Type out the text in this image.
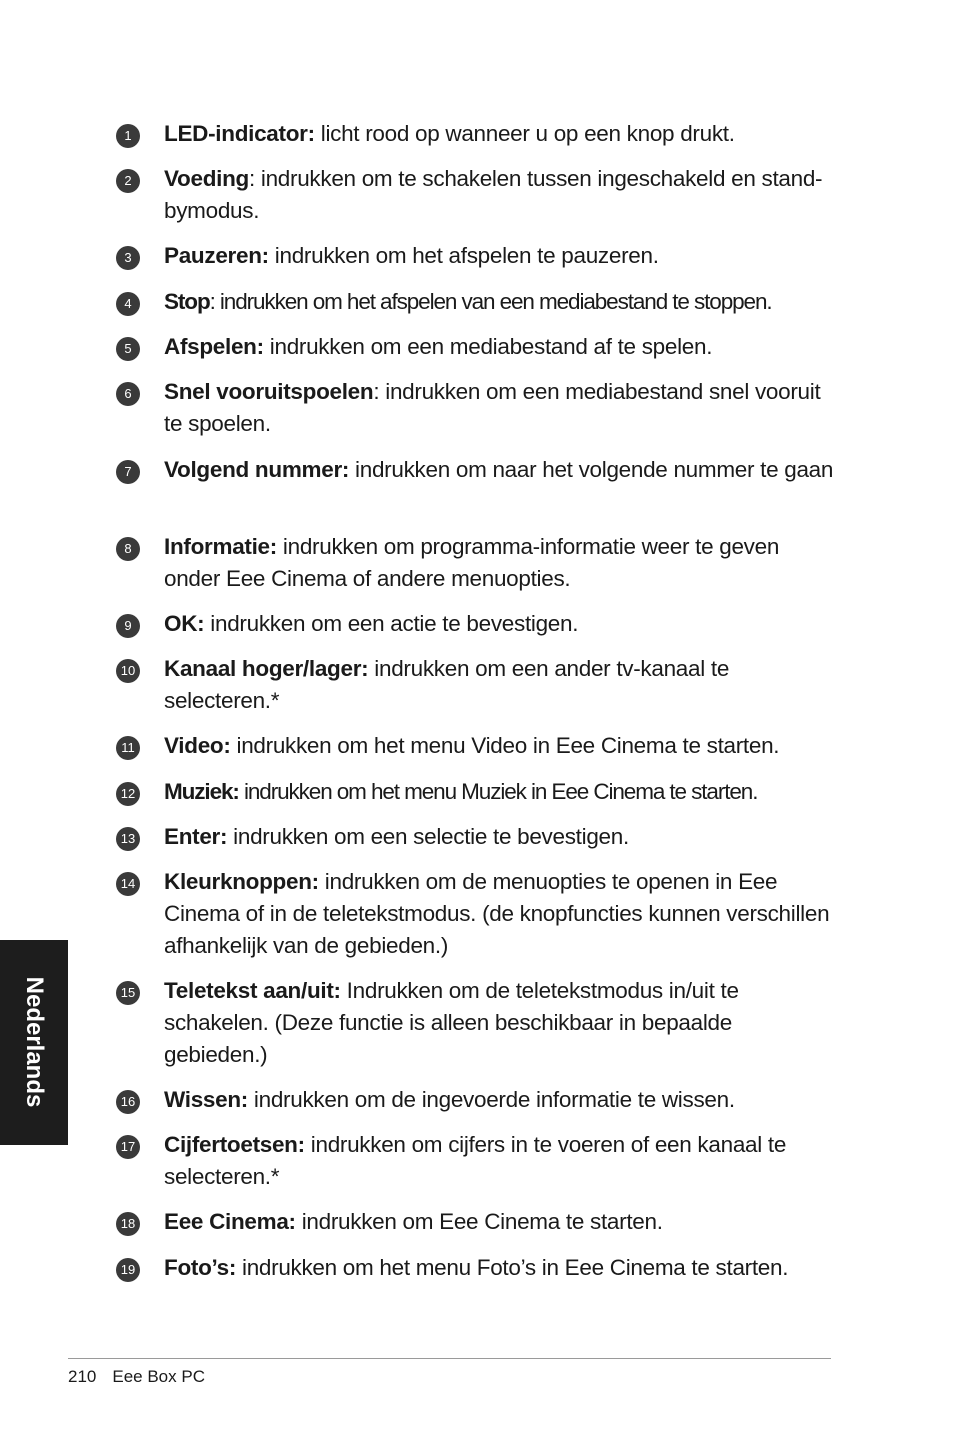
1	LED-indicator: licht rood op wanneer u op een knop drukt.
2	Voeding: indrukken om te schakelen tussen ingeschakeld en stand-bymodus.
3	Pauzeren: indrukken om het afspelen te pauzeren.
4	Stop: indrukken om het afspelen van een mediabestand te stoppen.
5	Afspelen: indrukken om een mediabestand af te spelen.
6	Snel vooruitspoelen: indrukken om een mediabestand snel vooruit te spoelen.
7	Volgend nummer: indrukken om naar het volgende nummer te gaan
8	Informatie: indrukken om programma-informatie weer te geven onder Eee Cinema of andere menuopties.
9	OK: indrukken om een actie te bevestigen.
10 Kanaal hoger/lager: indrukken om een ander tv-kanaal te selecteren.*
11 Video: indrukken om het menu Video in Eee Cinema te starten.
12 Muziek: indrukken om het menu Muziek in Eee Cinema te starten.
13 Enter: indrukken om een selectie te bevestigen.
14 Kleurknoppen: indrukken om de menuopties te openen in Eee Cinema of in de teletekstmodus. (de knopfuncties kunnen verschillen afhankelijk van de gebieden.)
15 Teletekst aan/uit: Indrukken om de teletekstmodus in/uit te schakelen. (Deze functie is alleen beschikbaar in bepaalde gebieden.)
16 Wissen: indrukken om de ingevoerde informatie te wissen.
17 Cijfertoetsen: indrukken om cijfers in te voeren of een kanaal te selecteren.*
18 Eee Cinema: indrukken om Eee Cinema te starten.
19 Foto’s: indrukken om het menu Foto’s in Eee Cinema te starten.
Nederlands
210 Eee Box PC
